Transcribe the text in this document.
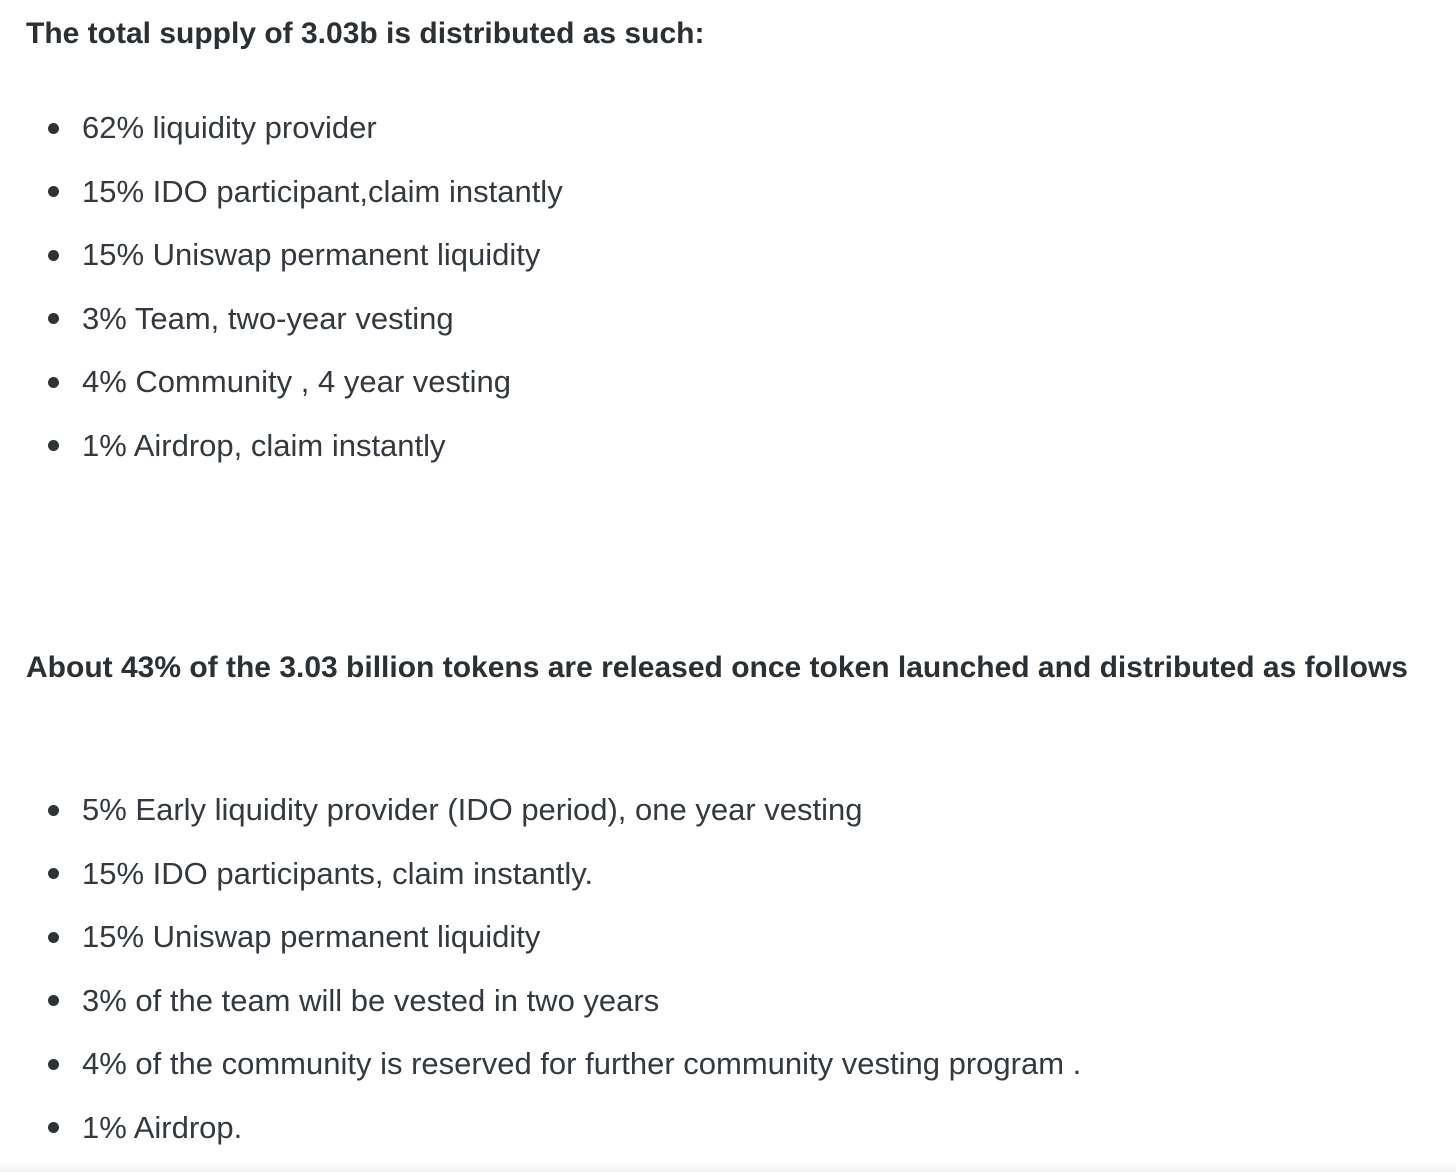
The total supply of 3.03b is distributed as such:

62% liquidity provider
15% IDO participant,claim instantly
15% Uniswap permanent liquidity
3% Team, two-year vesting
4% Community , 4 year vesting
1% Airdrop, claim instantly

About 43% of the 3.03 billion tokens are released once token launched and distributed as follows

5% Early liquidity provider (IDO period), one year vesting
15% IDO participants, claim instantly.
15% Uniswap permanent liquidity
3% of the team will be vested in two years
4% of the community is reserved for further community vesting program .
1% Airdrop.
